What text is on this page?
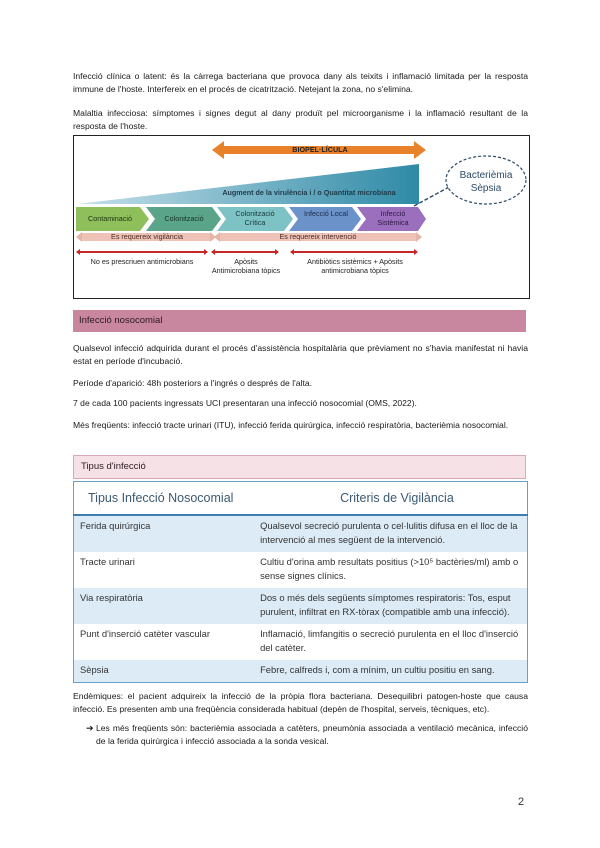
Infecció clínica o latent: és la càrrega bacteriana que provoca dany als teixits i inflamació limitada per la resposta immune de l'hoste. Interfereix en el procés de cicatrització. Netejant la zona, no s'elimina.
Malaltia infecciosa: símptomes i signes degut al dany produït pel microorganisme i la inflamació resultant de la resposta de l'hoste.
BIOPEL·LÍCULA
Augment de la virulència i / o Quantitat microbiana
Bacterièmia
Sèpsia
Contaminació	Colonització
Colonització Crítica
Infecció Local	Infecció Sistèmica
Es requereix vigilància	Es requereix intervenció
No es prescriuen antimicrobians	Apòsits Antimicrobiana tòpics
Antibiòtics sistèmics + Apòsits antimicrobiana tòpics
Infecció nosocomial
Qualsevol infecció adquirida durant el procés d'assistència hospitalària que prèviament no s'havia manifestat ni havia estat en període d'incubació.
Període d'aparició: 48h posteriors a l'ingrés o després de l'alta.
7 de cada 100 pacients ingressats UCI presentaran una infecció nosocomial (OMS, 2022).
Més freqüents: infecció tracte urinari (ITU), infecció ferida quirúrgica, infecció respiratòria, bacterièmia nosocomial.
Tipus d'infecció
Tipus Infecció Nosocomial	Criteris de Vigilància
Ferida quirúrgica	Qualsevol secreció purulenta o cel·lulitis difusa en el lloc de la intervenció al mes següent de la intervenció.
Tracte urinari	Cultiu d'orina amb resultats positius (>10⁵ bactèries/ml) amb o sense signes clínics.
Via respiratòria	Dos o més dels següents símptomes respiratoris: Tos, esput purulent, infiltrat en RX-tòrax (compatible amb una infecció).
Punt d'inserció catèter vascular	Inflamació, limfangitis o secreció purulenta en el lloc d'inserció del catèter.
Sèpsia	Febre, calfreds i, com a mínim, un cultiu positiu en sang.
Endèmiques: el pacient adquireix la infecció de la pròpia flora bacteriana. Desequilibri patogen-hoste que causa infecció. Es presenten amb una freqüència considerada habitual (depèn de l'hospital, serveis, tècniques, etc).
➔ Les més freqüents són: bacterièmia associada a catèters, pneumònia associada a ventilació mecànica, infecció de la ferida quirúrgica i infecció associada a la sonda vesical.
2
